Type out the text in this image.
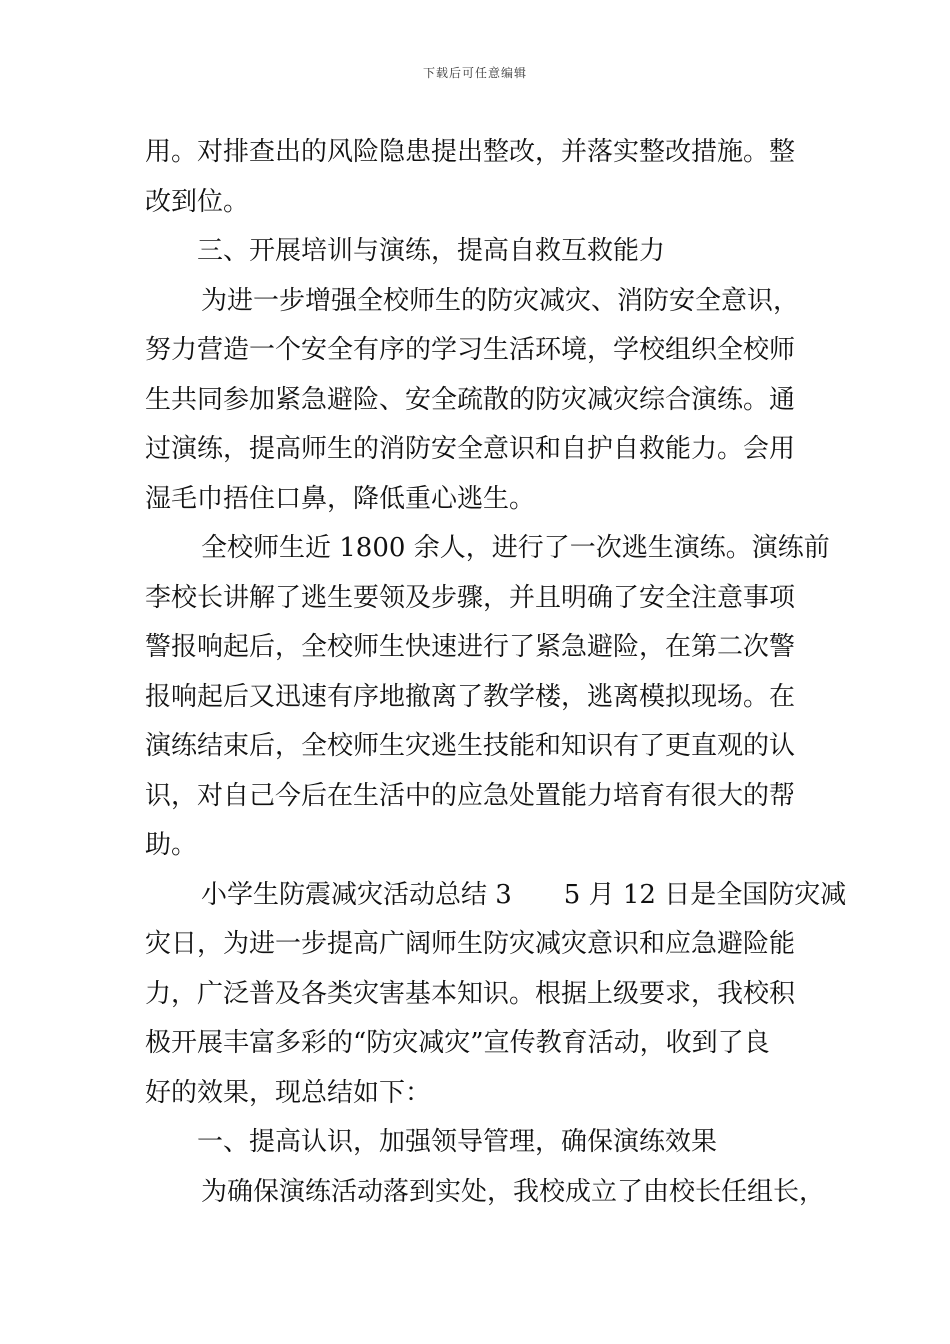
下载后可任意编辑
用。对排查出的风险隐患提出整改，并落实整改措施。整
改到位。
三、开展培训与演练，提高自救互救能力
为进一步增强全校师生的防灾减灾、消防安全意识，
努力营造一个安全有序的学习生活环境，学校组织全校师
生共同参加紧急避险、安全疏散的防灾减灾综合演练。通
过演练，提高师生的消防安全意识和自护自救能力。会用
湿毛巾捂住口鼻，降低重心逃生。
全校师生近 1800 余人，进行了一次逃生演练。演练前
李校长讲解了逃生要领及步骤，并且明确了安全注意事项
警报响起后，全校师生快速进行了紧急避险，在第二次警
报响起后又迅速有序地撤离了教学楼，逃离模拟现场。在
演练结束后，全校师生灾逃生技能和知识有了更直观的认
识，对自己今后在生活中的应急处置能力培育有很大的帮
助。
小学生防震减灾活动总结 3　　5 月 12 日是全国防灾减
灾日，为进一步提高广阔师生防灾减灾意识和应急避险能
力，广泛普及各类灾害基本知识。根据上级要求，我校积
极开展丰富多彩的“防灾减灾”宣传教育活动，收到了良
好的效果，现总结如下：
一、提高认识，加强领导管理，确保演练效果
为确保演练活动落到实处，我校成立了由校长任组长，
